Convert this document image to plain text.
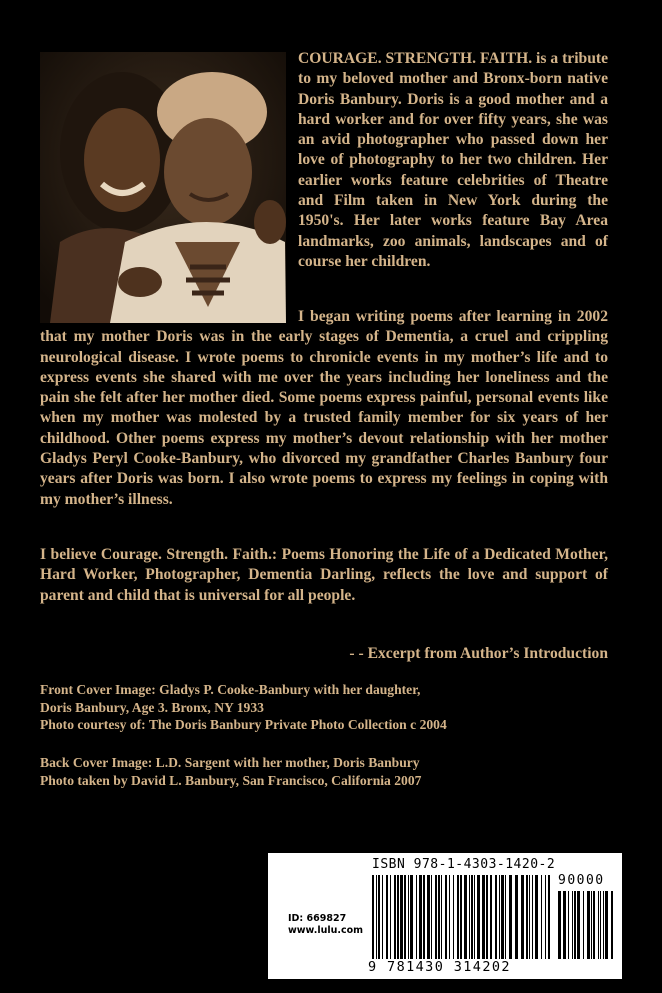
COURAGE. STRENGTH. FAITH. is a tribute to my beloved mother and Bronx-born native Doris Banbury. Doris is a good mother and a hard worker and for over fifty years, she was an avid photographer who passed down her love of photography to her two children. Her earlier works feature celebrities of Theatre and Film taken in New York during the 1950's. Her later works feature Bay Area landmarks, zoo animals, landscapes and of course her children.
I began writing poems after learning in 2002 that my mother Doris was in the early stages of Dementia, a cruel and crippling neurological disease. I wrote poems to chronicle events in my mother’s life and to express events she shared with me over the years including her loneliness and the pain she felt after her mother died. Some poems express painful, personal events like when my mother was molested by a trusted family member for six years of her childhood. Other poems express my mother’s devout relationship with her mother Gladys Peryl Cooke-Banbury, who divorced my grandfather Charles Banbury four years after Doris was born. I also wrote poems to express my feelings in coping with my mother’s illness.
I believe Courage. Strength. Faith.: Poems Honoring the Life of a Dedicated Mother, Hard Worker, Photographer, Dementia Darling, reflects the love and support of parent and child that is universal for all people.
- - Excerpt from Author’s Introduction
Front Cover Image: Gladys P. Cooke-Banbury with her daughter,
Doris Banbury, Age 3. Bronx, NY 1933
Photo courtesy of: The Doris Banbury Private Photo Collection c 2004
Back Cover Image: L.D. Sargent with her mother, Doris Banbury
Photo taken by David L. Banbury, San Francisco, California 2007
ISBN 978-1-4303-1420-2
90000
ID: 669827
www.lulu.com
9 781430 314202
